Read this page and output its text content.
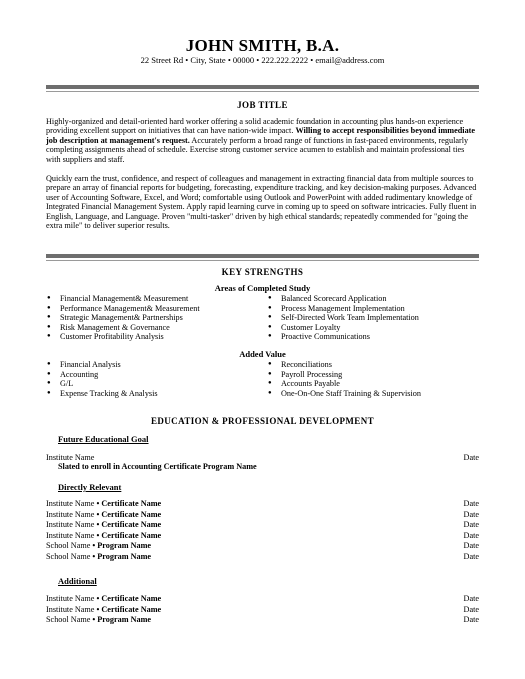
JOHN SMITH, B.A.
22 Street Rd • City, State • 00000 • 222.222.2222 • email@address.com
JOB TITLE
Highly-organized and detail-oriented hard worker offering a solid academic foundation in accounting plus hands-on experience providing excellent support on initiatives that can have nation-wide impact. Willing to accept responsibilities beyond immediate job description at management's request. Accurately perform a broad range of functions in fast-paced environments, regularly completing assignments ahead of schedule. Exercise strong customer service acumen to establish and maintain professional ties with suppliers and staff.
Quickly earn the trust, confidence, and respect of colleagues and management in extracting financial data from multiple sources to prepare an array of financial reports for budgeting, forecasting, expenditure tracking, and key decision-making purposes. Advanced user of Accounting Software, Excel, and Word; comfortable using Outlook and PowerPoint with added rudimentary knowledge of Integrated Financial Management System. Apply rapid learning curve in coming up to speed on software intricacies. Fully fluent in English, Language, and Language. Proven "multi-tasker" driven by high ethical standards; repeatedly commended for "going the extra mile" to deliver superior results.
KEY STRENGTHS
Areas of Completed Study
● Financial Management& Measurement
● Performance Management& Measurement
● Strategic Management& Partnerships
● Risk Management & Governance
● Customer Profitability Analysis
● Balanced Scorecard Application
● Process Management Implementation
● Self-Directed Work Team Implementation
● Customer Loyalty
● Proactive Communications
Added Value
● Financial Analysis
● Accounting
● G/L
● Expense Tracking & Analysis
● Reconciliations
● Payroll Processing
● Accounts Payable
● One-On-One Staff Training & Supervision
EDUCATION & PROFESSIONAL DEVELOPMENT
Future Educational Goal
Institute Name	Date
Slated to enroll in Accounting Certificate Program Name
Directly Relevant
Institute Name • Certificate Name	Date
Institute Name • Certificate Name	Date
Institute Name • Certificate Name	Date
Institute Name • Certificate Name	Date
School Name • Program Name	Date
School Name • Program Name	Date
Additional
Institute Name • Certificate Name	Date
Institute Name • Certificate Name	Date
School Name • Program Name	Date
